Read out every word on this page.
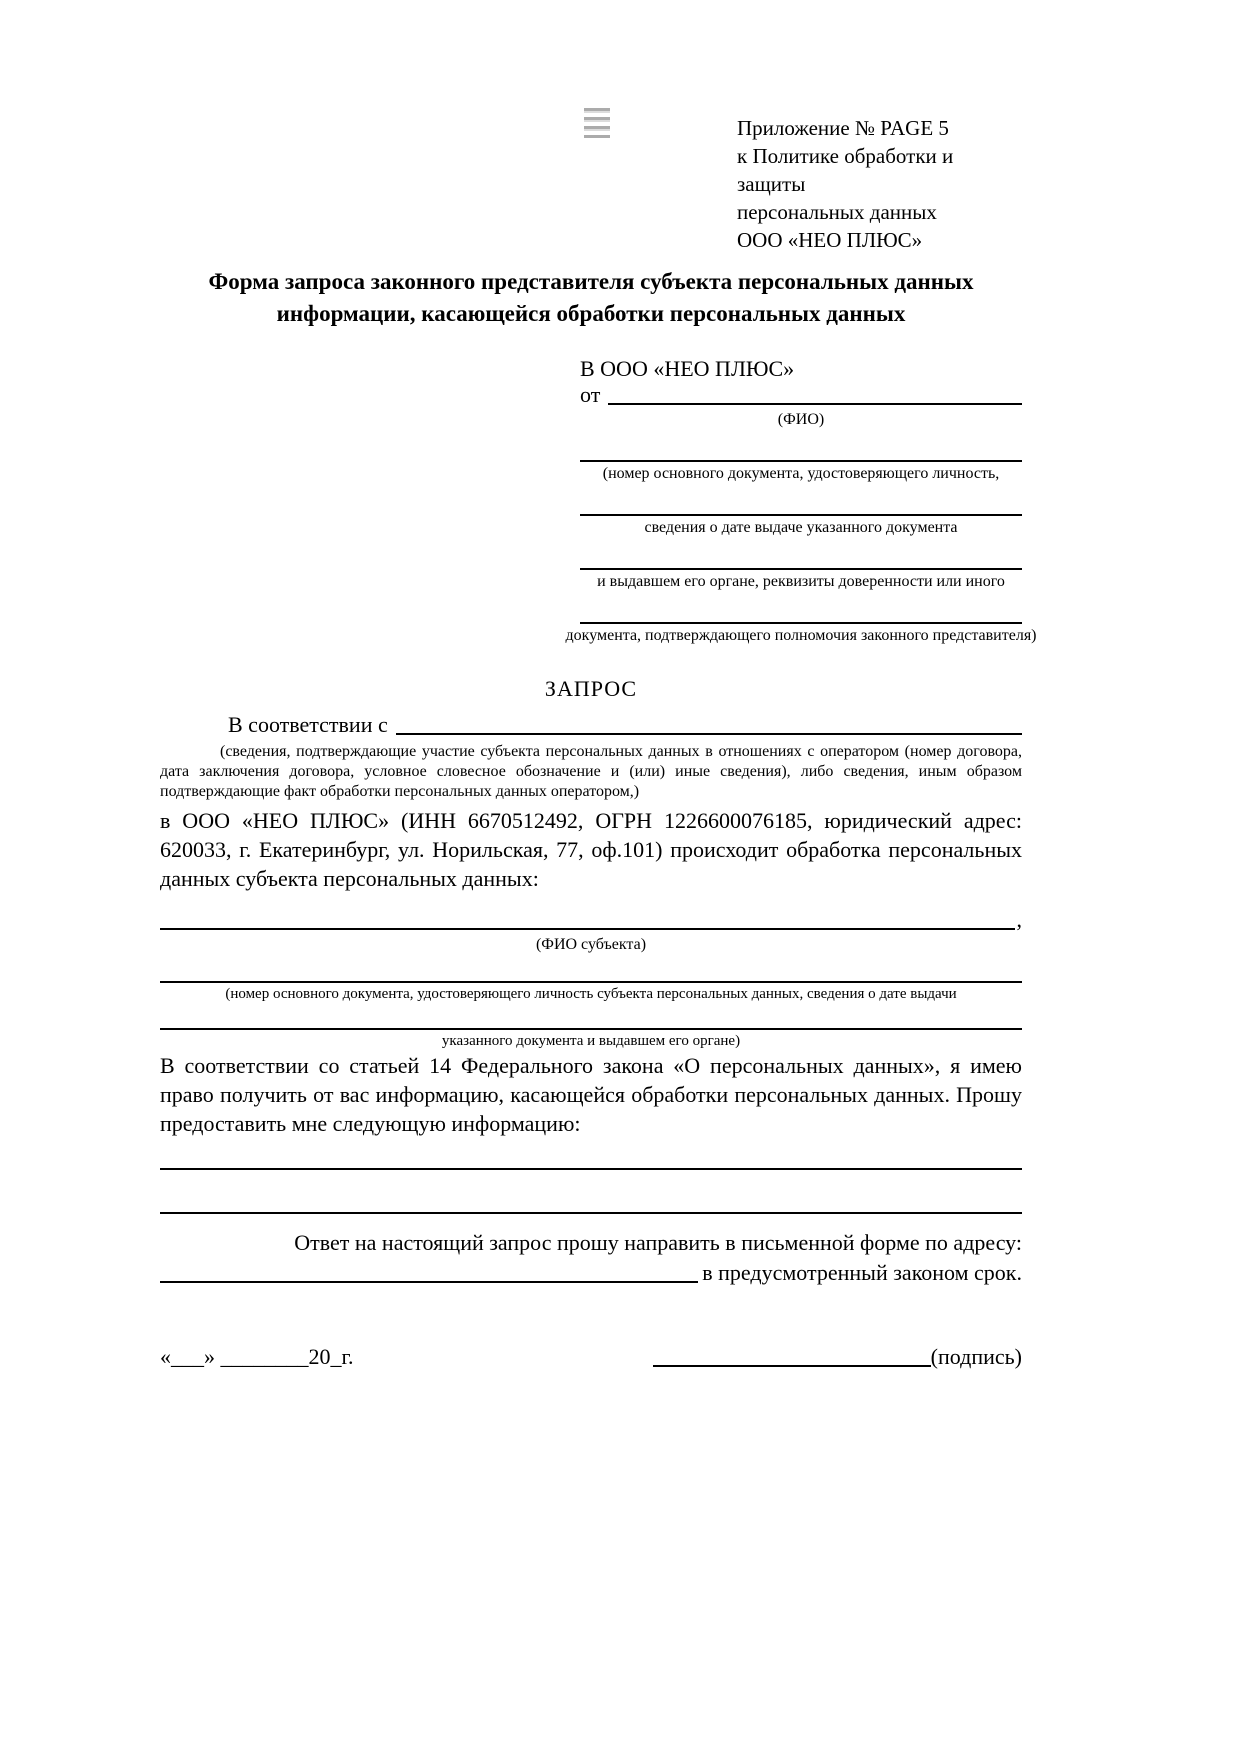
Приложение № PAGE 5
к Политике обработки и защиты
персональных данных
ООО «НЕО ПЛЮС»
Форма запроса законного представителя субъекта персональных данных
информации, касающейся обработки персональных данных
В ООО «НЕО ПЛЮС»
от
(ФИО)
(номер основного документа, удостоверяющего личность,
сведения о дате выдаче указанного документа
и выдавшем его органе, реквизиты доверенности или иного
документа, подтверждающего полномочия законного представителя)
ЗАПРОС
В соответствии с
(сведения, подтверждающие участие субъекта персональных данных в отношениях с оператором (номер договора, дата заключения договора, условное словесное обозначение и (или) иные сведения), либо сведения, иным образом подтверждающие факт обработки персональных данных оператором,)
в ООО «НЕО ПЛЮС» (ИНН 6670512492, ОГРН 1226600076185, юридический адрес: 620033, г. Екатеринбург, ул. Норильская, 77, оф.101) происходит обработка персональных данных субъекта персональных данных:
,
(ФИО субъекта)
(номер основного документа, удостоверяющего личность субъекта персональных данных, сведения о дате выдачи
указанного документа и выдавшем его органе)
В соответствии со статьей 14 Федерального закона «О персональных данных», я имею право получить от вас информацию, касающейся обработки персональных данных. Прошу предоставить мне следующую информацию:
Ответ на настоящий запрос прошу направить в письменной форме по адресу:
в предусмотренный законом срок.
«___» ________20_г.	(подпись)
